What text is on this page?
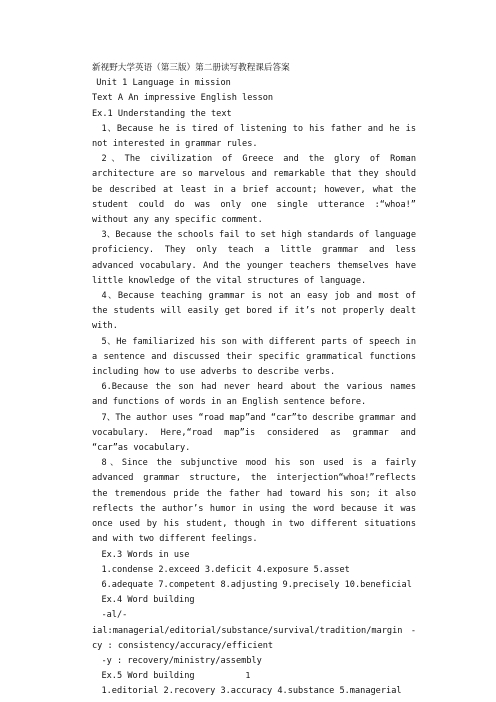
新视野大学英语（第三版）第二册读写教程课后答案

Unit 1 Language in mission

Text A An impressive English lesson

Ex.1 Understanding the text

1、Because he is tired of listening to his father and he is not interested in grammar rules.

2、The civilization of Greece and the glory of Roman architecture are so marvelous and remarkable that they should be described at least in a brief account; however, what the student could do was only one single utterance :“whoa!” without any any specific comment.

3、Because the schools fail to set high standards of language proficiency. They only teach a little grammar and less advanced vocabulary. And the younger teachers themselves have little knowledge of the vital structures of language.

4、Because teaching grammar is not an easy job and most of the students will easily get bored if it’s not properly dealt with.

5、He familiarized his son with different parts of speech in a sentence and discussed their specific grammatical functions including how to use adverbs to describe verbs.

6.Because the son had never heard about the various names and functions of words in an English sentence before.

7、The author uses “road map”and “car”to describe grammar and vocabulary. Here,“road map”is considered as grammar and “car”as vocabulary.

8、Since the subjunctive mood his son used is a fairly advanced grammar structure, the interjection“whoa!”reflects the tremendous pride the father had toward his son; it also reflects the author’s humor in using the word because it was once used by his student, though in two different situations and with two different feelings.

Ex.3 Words in use

1.condense 2.exceed 3.deficit 4.exposure 5.asset

6.adequate 7.competent 8.adjusting 9.precisely 10.beneficial

Ex.4 Word building

-al/-ial:managerial/editorial/substance/survival/tradition/margin -cy : consistency/accuracy/efficient

-y : recovery/ministry/assembly

Ex.5 Word building

1.editorial 2.recovery 3.accuracy 4.substance 5.managerial

1
